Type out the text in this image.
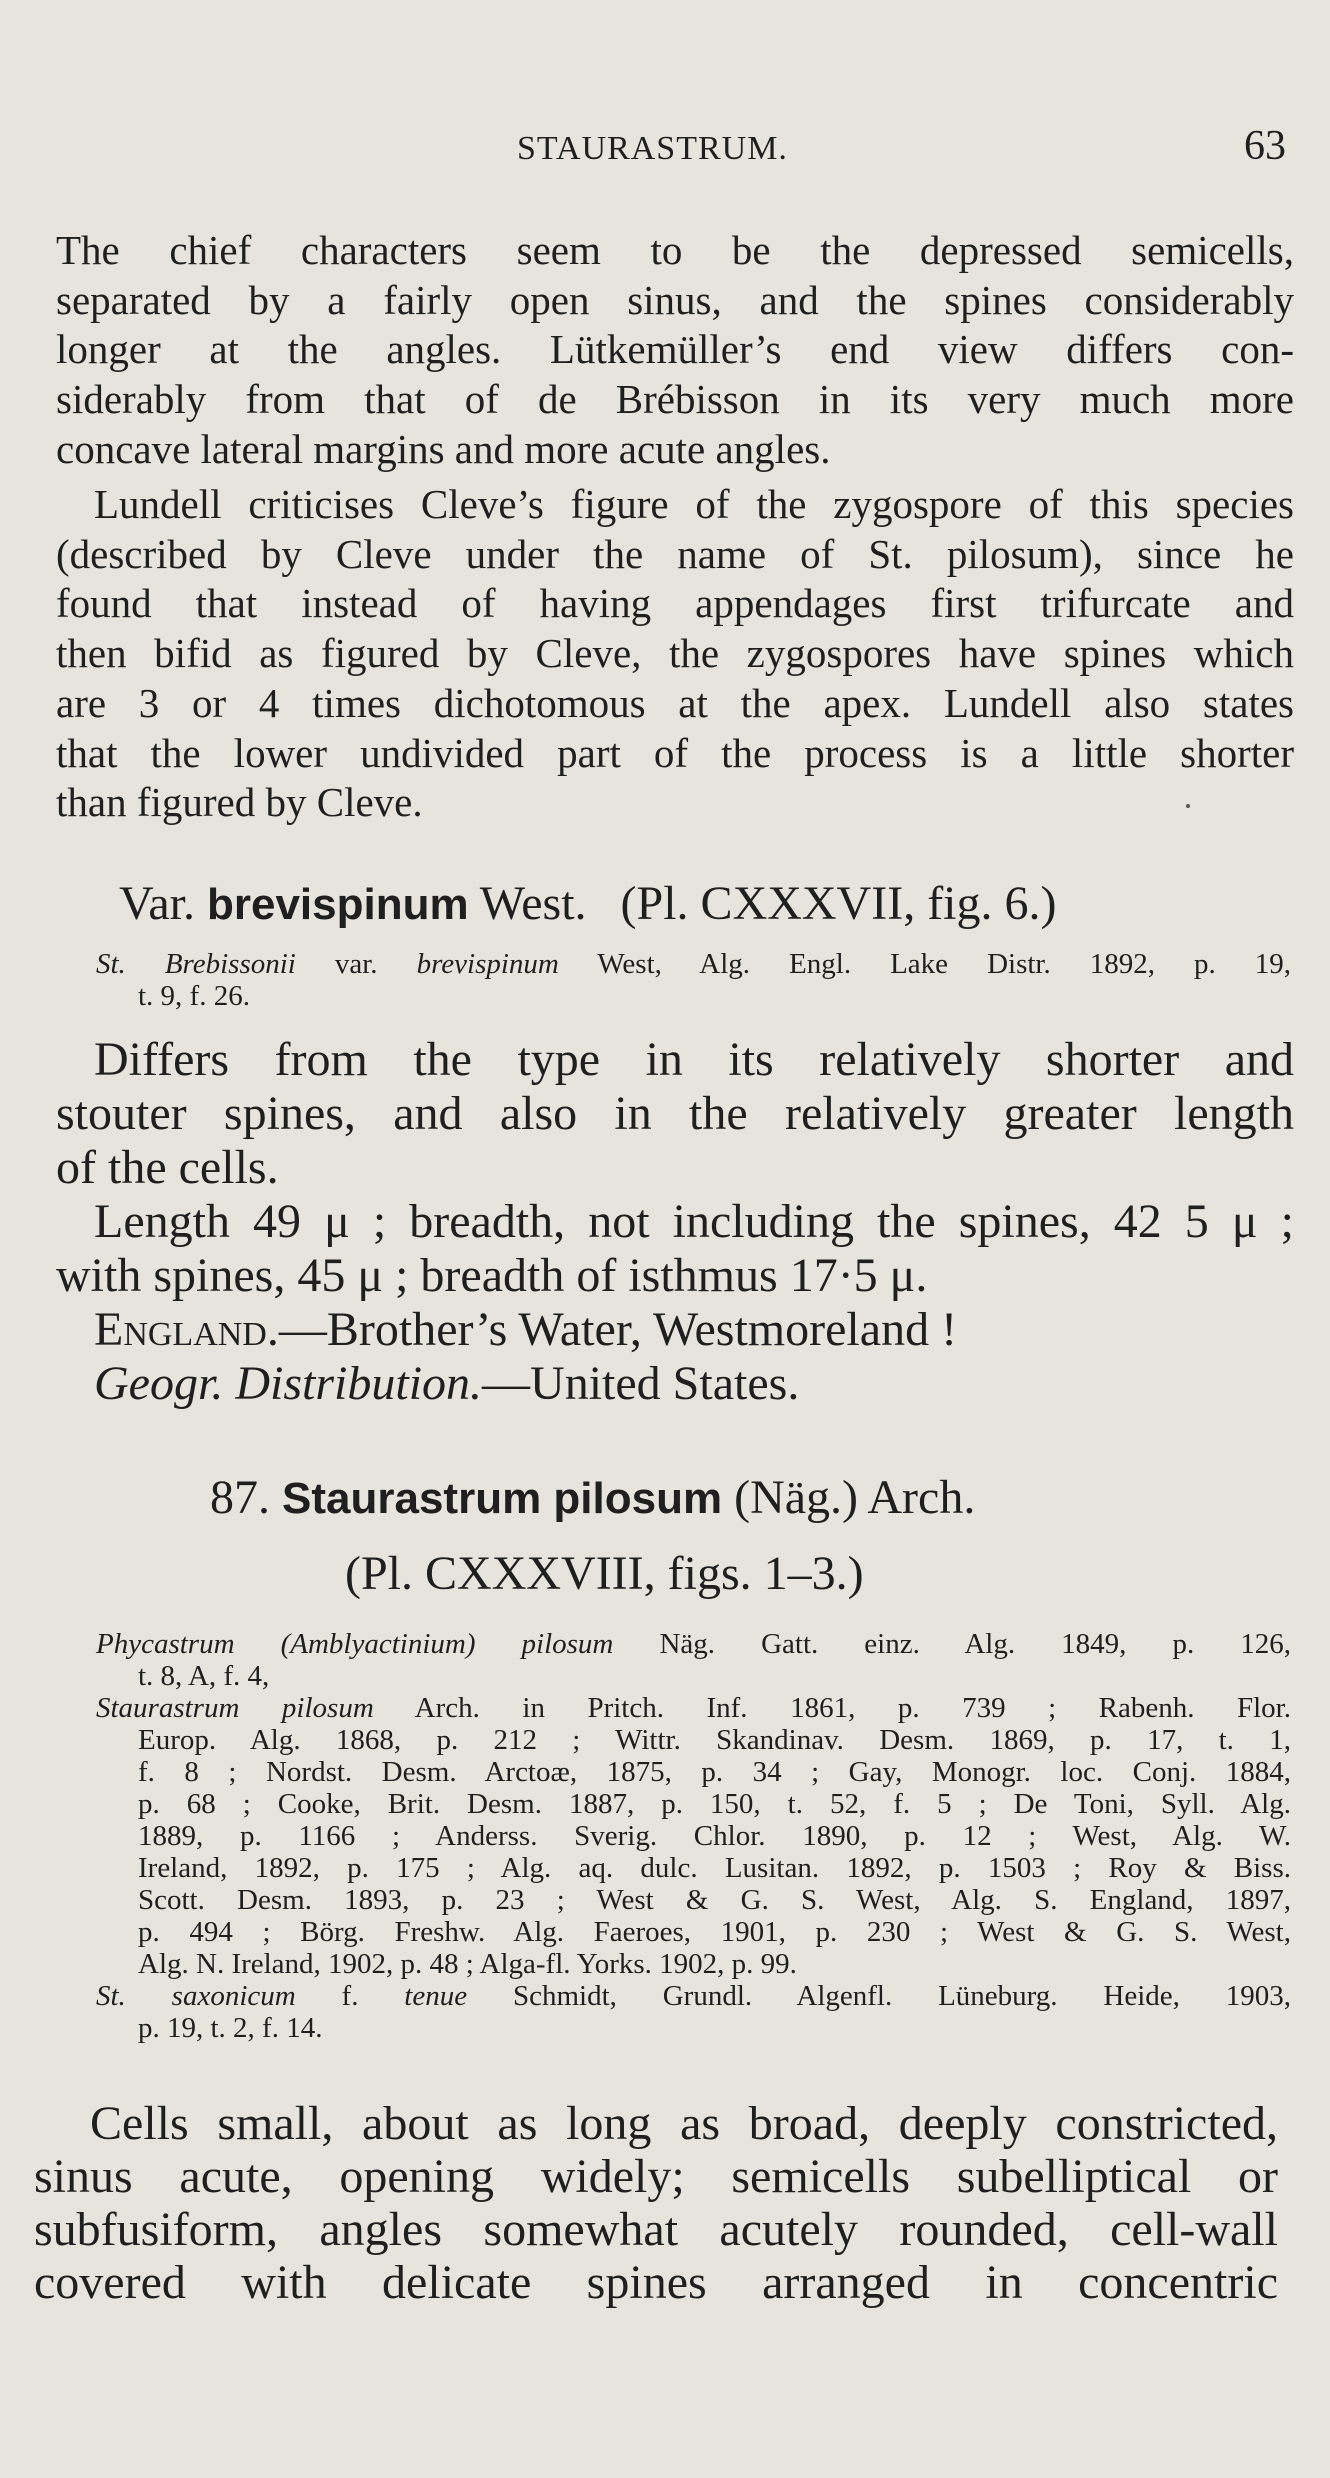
STAURASTRUM.	63
The chief characters seem to be the depressed semicells,
separated by a fairly open sinus, and the spines considerably
longer at the angles. Lütkemüller’s end view differs con-
siderably from that of de Brébisson in its very much more
concave lateral margins and more acute angles.
Lundell criticises Cleve’s figure of the zygospore of this species
(described by Cleve under the name of St. pilosum), since he
found that instead of having appendages first trifurcate and
then bifid as figured by Cleve, the zygospores have spines which
are 3 or 4 times dichotomous at the apex. Lundell also states
that the lower undivided part of the process is a little shorter
than figured by Cleve.
Var. brevispinum West. (Pl. CXXXVII, fig. 6.)
St. Brebissonii var. brevispinum West, Alg. Engl. Lake Distr. 1892, p. 19,
t. 9, f. 26.
Differs from the type in its relatively shorter and
stouter spines, and also in the relatively greater length
of the cells.
Length 49 μ ; breadth, not including the spines, 42 5 μ ;
with spines, 45 μ ; breadth of isthmus 17·5 μ.
England.—Brother’s Water, Westmoreland !
Geogr. Distribution.—United States.
87. Staurastrum pilosum (Näg.) Arch.
(Pl. CXXXVIII, figs. 1–3.)
Phycastrum (Amblyactinium) pilosum Näg. Gatt. einz. Alg. 1849, p. 126,
t. 8, A, f. 4,
Staurastrum pilosum Arch. in Pritch. Inf. 1861, p. 739 ; Rabenh. Flor.
Europ. Alg. 1868, p. 212 ; Wittr. Skandinav. Desm. 1869, p. 17, t. 1,
f. 8 ; Nordst. Desm. Arctoæ, 1875, p. 34 ; Gay, Monogr. loc. Conj. 1884,
p. 68 ; Cooke, Brit. Desm. 1887, p. 150, t. 52, f. 5 ; De Toni, Syll. Alg.
1889, p. 1166 ; Anderss. Sverig. Chlor. 1890, p. 12 ; West, Alg. W.
Ireland, 1892, p. 175 ; Alg. aq. dulc. Lusitan. 1892, p. 1503 ; Roy & Biss.
Scott. Desm. 1893, p. 23 ; West & G. S. West, Alg. S. England, 1897,
p. 494 ; Börg. Freshw. Alg. Faeroes, 1901, p. 230 ; West & G. S. West,
Alg. N. Ireland, 1902, p. 48 ; Alga-fl. Yorks. 1902, p. 99.
St. saxonicum f. tenue Schmidt, Grundl. Algenfl. Lüneburg. Heide, 1903,
p. 19, t. 2, f. 14.
Cells small, about as long as broad, deeply constricted,
sinus acute, opening widely; semicells subelliptical or
subfusiform, angles somewhat acutely rounded, cell-wall
covered with delicate spines arranged in concentric
